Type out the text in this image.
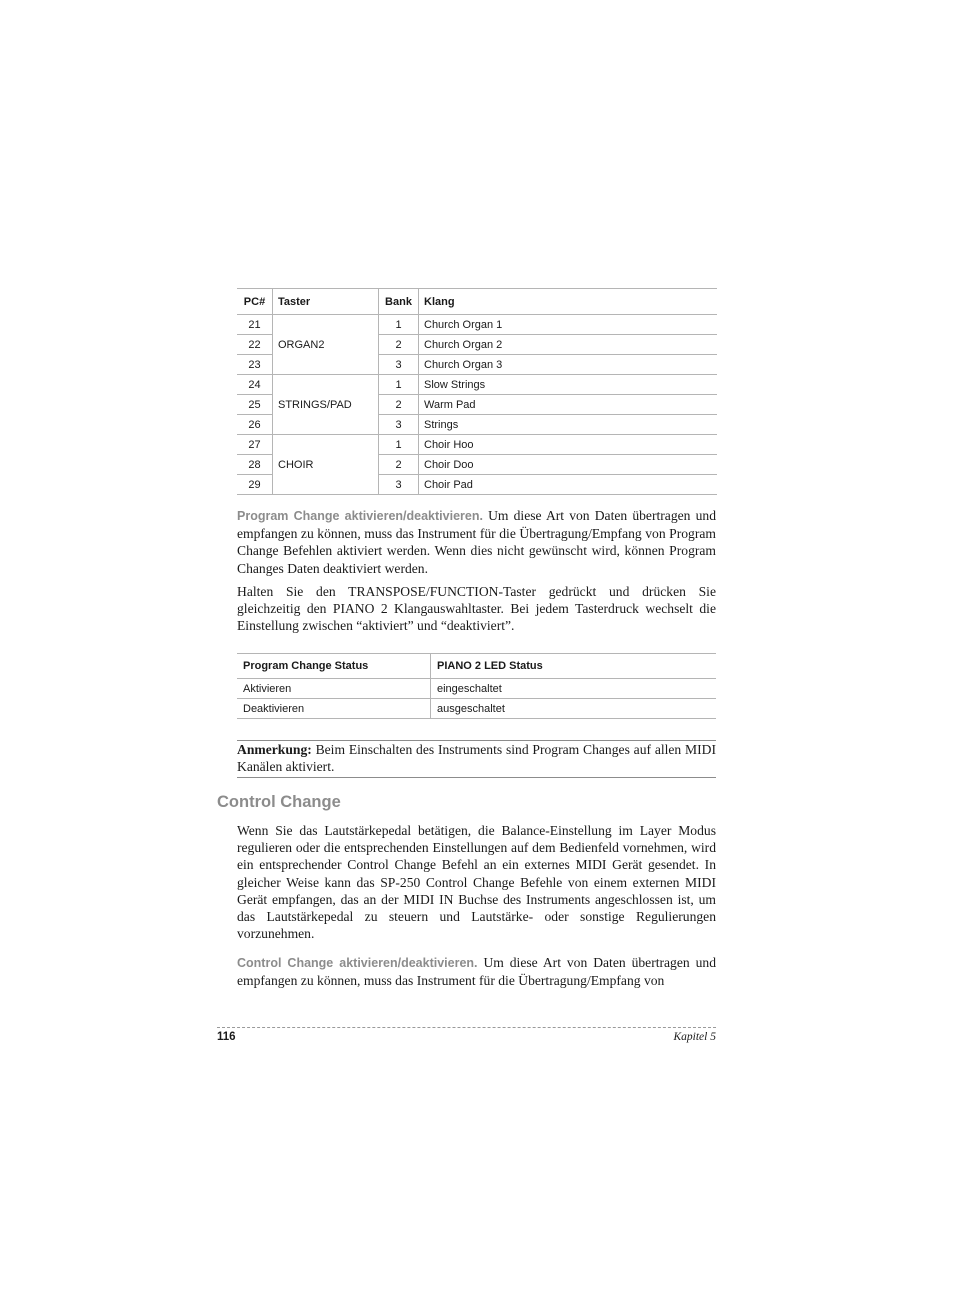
PC#	Taster	Bank	Klang
21	ORGAN2	1	Church Organ 1
22		2	Church Organ 2
23		3	Church Organ 3
24	STRINGS/PAD	1	Slow Strings
25		2	Warm Pad
26		3	Strings
27	CHOIR	1	Choir Hoo
28		2	Choir Doo
29		3	Choir Pad

Program Change aktivieren/deaktivieren. Um diese Art von Daten übertragen und empfangen zu können, muss das Instrument für die Übertragung/Empfang von Program Change Befehlen aktiviert werden. Wenn dies nicht gewünscht wird, können Program Changes Daten deaktiviert werden.

Halten Sie den TRANSPOSE/FUNCTION-Taster gedrückt und drücken Sie gleichzeitig den PIANO 2 Klangauswahltaster. Bei jedem Tasterdruck wechselt die Einstellung zwischen “aktiviert” und “deaktiviert”.

Program Change Status	PIANO 2 LED Status
Aktivieren	eingeschaltet
Deaktivieren	ausgeschaltet
Anmerkung: Beim Einschalten des Instruments sind Program Changes auf allen MIDI Kanälen aktiviert.
Control Change

Wenn Sie das Lautstärkepedal betätigen, die Balance-Einstellung im Layer Modus regulieren oder die entsprechenden Einstellungen auf dem Bedienfeld vornehmen, wird ein entsprechender Control Change Befehl an ein externes MIDI Gerät gesendet. In gleicher Weise kann das SP-250 Control Change Befehle von einem externen MIDI Gerät empfangen, das an der MIDI IN Buchse des Instruments angeschlossen ist, um das Lautstärkepedal zu steuern und Lautstärke- oder sonstige Regulierungen vorzunehmen.

Control Change aktivieren/deaktivieren. Um diese Art von Daten übertragen und empfangen zu können, muss das Instrument für die Übertragung/Empfang von

116	Kapitel 5
